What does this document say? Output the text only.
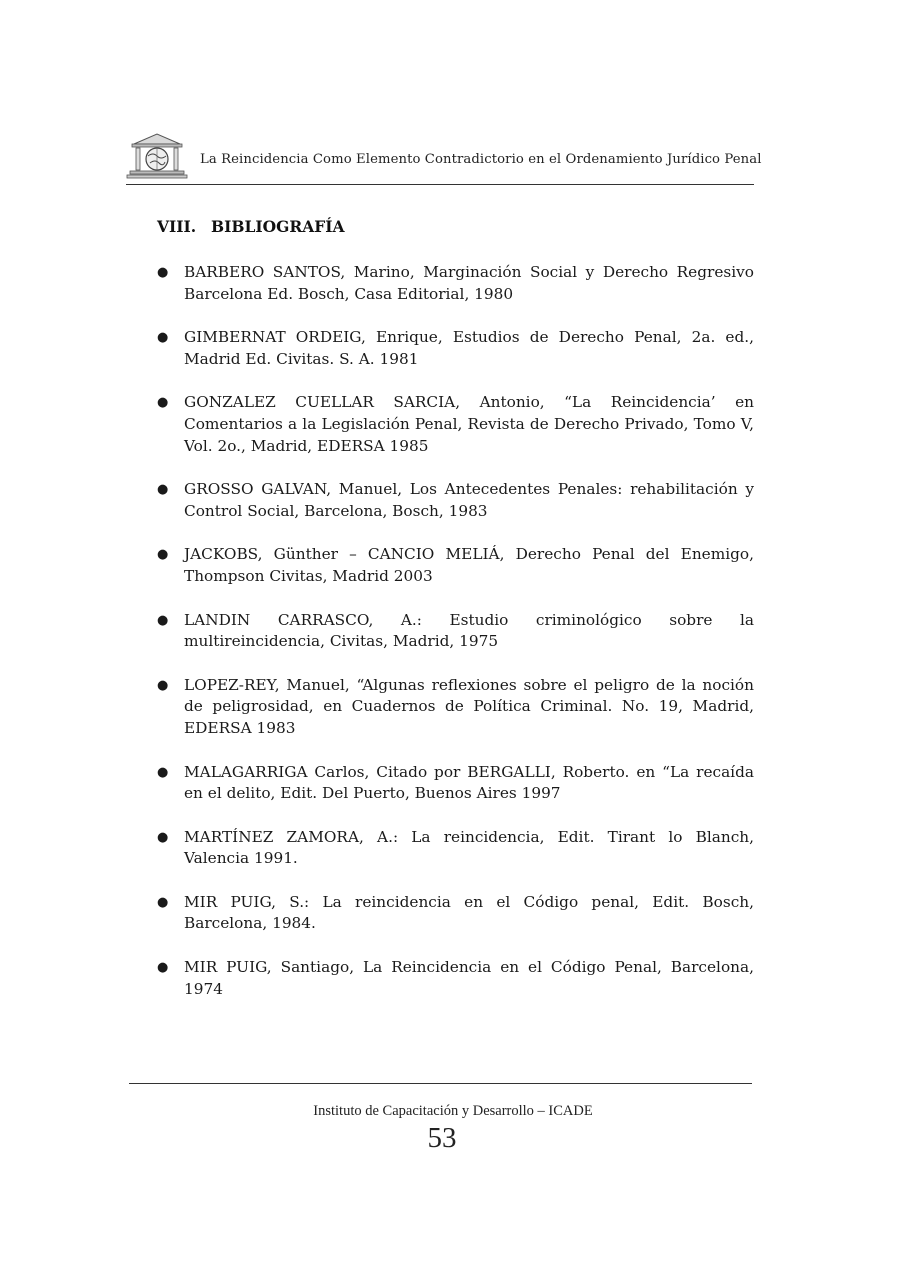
La Reincidencia Como Elemento Contradictorio en el Ordenamiento Jurídico Penal
VIII. BIBLIOGRAFÍA
● BARBERO SANTOS, Marino, Marginación Social y Derecho Regresivo Barcelona Ed. Bosch, Casa Editorial, 1980
● GIMBERNAT ORDEIG, Enrique, Estudios de Derecho Penal, 2a. ed., Madrid Ed. Civitas. S. A. 1981
● GONZALEZ CUELLAR SARCIA, Antonio, “La Reincidencia’ en Comentarios a la Legislación Penal, Revista de Derecho Privado, Tomo V, Vol. 2o., Madrid, EDERSA 1985
● GROSSO GALVAN, Manuel, Los Antecedentes Penales: rehabilitación y Control Social, Barcelona, Bosch, 1983
● JACKOBS, Günther – CANCIO MELIÁ, Derecho Penal del Enemigo, Thompson Civitas, Madrid 2003
● LANDIN CARRASCO, A.: Estudio criminológico sobre la multireincidencia, Civitas, Madrid, 1975
● LOPEZ-REY, Manuel, “Algunas reflexiones sobre el peligro de la noción de peligrosidad, en Cuadernos de Política Criminal. No. 19, Madrid, EDERSA 1983
● MALAGARRIGA Carlos, Citado por BERGALLI, Roberto. en “La recaída en el delito, Edit. Del Puerto, Buenos Aires 1997
● MARTÍNEZ ZAMORA, A.: La reincidencia, Edit. Tirant lo Blanch, Valencia 1991.
● MIR PUIG, S.: La reincidencia en el Código penal, Edit. Bosch, Barcelona, 1984.
● MIR PUIG, Santiago, La Reincidencia en el Código Penal, Barcelona, 1974
Instituto de Capacitación y Desarrollo – ICADE
53
